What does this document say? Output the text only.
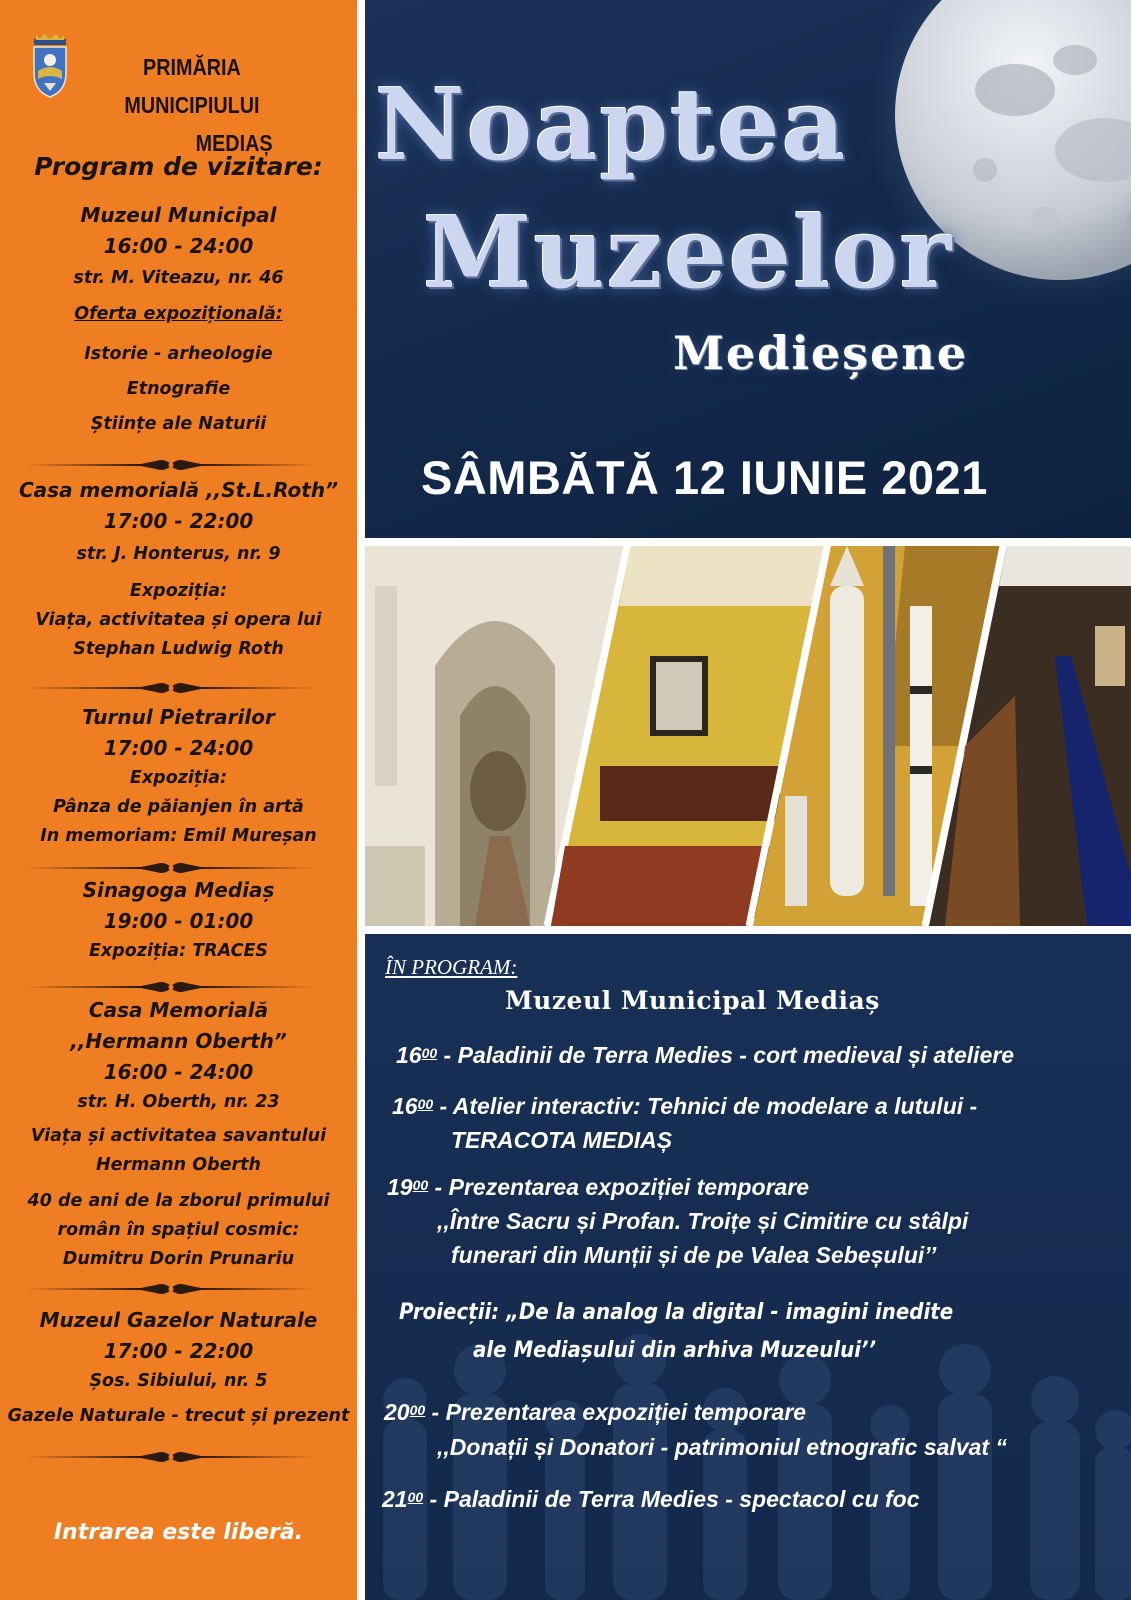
PRIMĂRIA MUNICIPIULUI
MEDIAȘ
Program de vizitare:
Muzeul Municipal
16:00 - 24:00
str. M. Viteazu, nr. 46
Oferta expozițională:
Istorie - arheologie
Etnografie
Științe ale Naturii
Casa memorială ,,St.L.Roth”
17:00 - 22:00
str. J. Honterus, nr. 9
Expoziția:
Viața, activitatea și opera lui
Stephan Ludwig Roth
Turnul Pietrarilor
17:00 - 24:00
Expoziția:
Pânza de păianjen în artă
In memoriam: Emil Mureșan
Sinagoga Mediaș
19:00 - 01:00
Expoziția: TRACES
Casa Memorială
,,Hermann Oberth”
16:00 - 24:00
str. H. Oberth, nr. 23
Viața și activitatea savantului
Hermann Oberth
40 de ani de la zborul primului
român în spațiul cosmic:
Dumitru Dorin Prunariu
Muzeul Gazelor Naturale
17:00 - 22:00
Șos. Sibiului, nr. 5
Gazele Naturale - trecut și prezent
Intrarea este liberă.
Noaptea
Muzeelor
Medieșene
SÂMBĂTĂ 12 IUNIE 2021
ÎN PROGRAM:
Muzeul Municipal Mediaș
$16^{00}$ - Paladinii de Terra Medies - cort medieval și ateliere
$16^{00}$ - Atelier interactiv: Tehnici de modelare a lutului -
TERACOTA MEDIAȘ
$19^{00}$ - Prezentarea expoziției temporare
,,Între Sacru și Profan. Troițe și Cimitire cu stâlpi
funerari din Munții și de pe Valea Sebeșului’’
Proiecții: „De la analog la digital - imagini inedite
ale Mediașului din arhiva Muzeului’’
$20^{00}$ - Prezentarea expoziției temporare
,,Donații și Donatori - patrimoniul etnografic salvat “
$21^{00}$ - Paladinii de Terra Medies - spectacol cu foc
